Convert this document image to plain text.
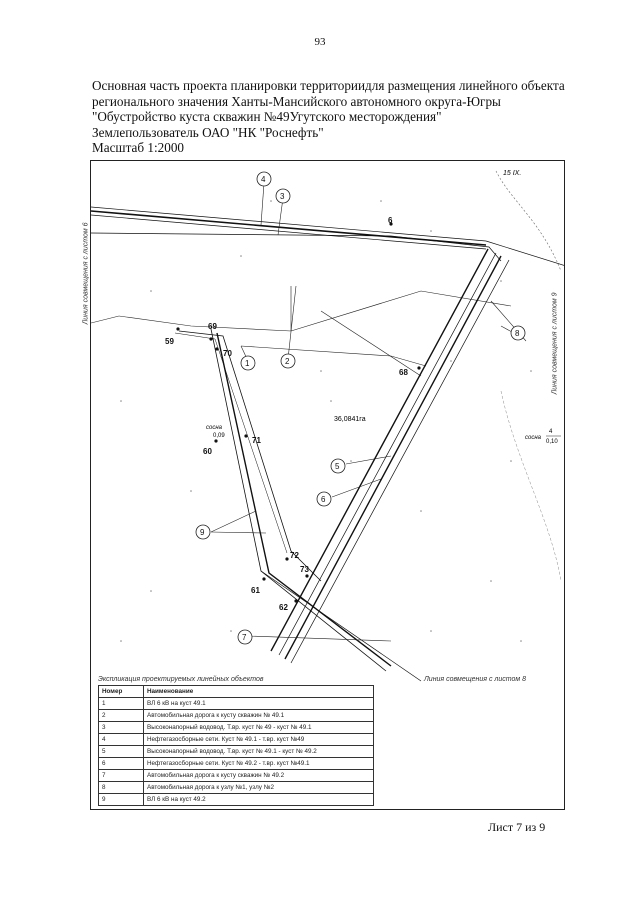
93
Основная часть проекта планировки территориидля размещения линейного объекта
регионального значения Ханты-Мансийского автономного округа-Югры
"Обустройство куста скважин №49Угутского месторождения"
Землепользователь ОАО "НК "Роснефть"
Масштаб 1:2000
6
59
60
61
62
68
69
70
71
72
73
36,0841га
15 IX.
сосна
0,09	сосна
4
0,10
1	2
3
4
5
6
7
8
9
Линия совмещения с листом 6
Линия совмещения с листом 9
Линия совмещения с листом 8
Экспликация проектируемых линейных объектов
Номер	Наименование
1	ВЛ 6 кВ на куст 49.1
2	Автомобильная дорога к кусту скважин № 49.1
3	Высоконапорный водовод. Т.вр. куст № 49 - куст № 49.1
4	Нефтегазосборные сети. Куст № 49.1 - т.вр. куст №49
5	Высоконапорный водовод. Т.вр. куст № 49.1 - куст № 49.2
6	Нефтегазосборные сети. Куст № 49.2 - т.вр. куст №49.1
7	Автомобильная дорога к кусту скважин № 49.2
8	Автомобильная дорога к узлу №1, узлу №2
9	ВЛ 6 кВ на куст 49.2
Лист 7 из 9
